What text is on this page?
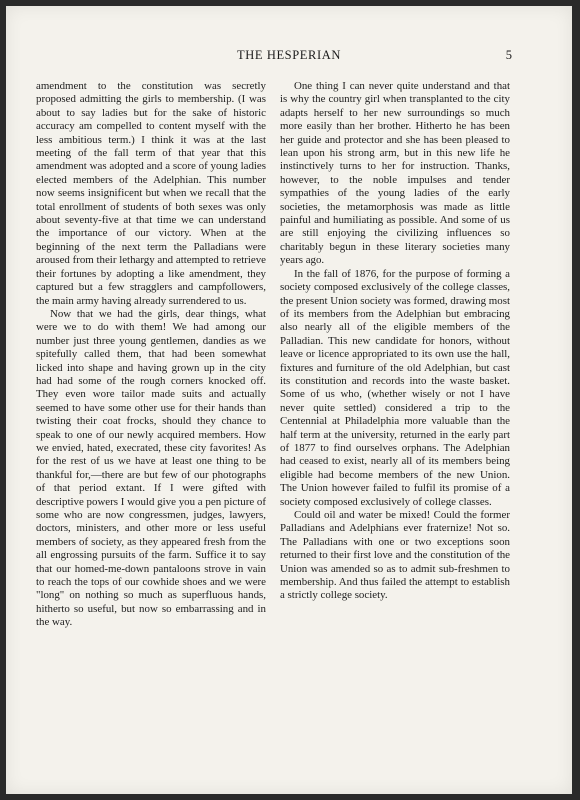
THE HESPERIAN	5

amendment to the constitution was secretly proposed admitting the girls to membership. (I was about to say ladies but for the sake of historic accuracy am compelled to content myself with the less ambitious term.) I think it was at the last meeting of the fall term of that year that this amendment was adopted and a score of young ladies elected members of the Adelphian. This number now seems insignificent but when we recall that the total enrollment of students of both sexes was only about seventy-five at that time we can understand the importance of our victory. When at the beginning of the next term the Palladians were aroused from their lethargy and attempted to retrieve their fortunes by adopting a like amendment, they captured but a few stragglers and campfollowers, the main army having already surrendered to us.

Now that we had the girls, dear things, what were we to do with them! We had among our number just three young gentlemen, dandies as we spitefully called them, that had been somewhat licked into shape and having grown up in the city had had some of the rough corners knocked off. They even wore tailor made suits and actually seemed to have some other use for their hands than twisting their coat frocks, should they chance to speak to one of our newly acquired members. How we envied, hated, execrated, these city favorites! As for the rest of us we have at least one thing to be thankful for,—there are but few of our photographs of that period extant. If I were gifted with descriptive powers I would give you a pen picture of some who are now congressmen, judges, lawyers, doctors, ministers, and other more or less useful members of society, as they appeared fresh from the all engrossing pursuits of the farm. Suffice it to say that our homed-me-down pantaloons strove in vain to reach the tops of our cowhide shoes and we were "long" on nothing so much as superfluous hands, hitherto so useful, but now so embarrassing and in the way.

One thing I can never quite understand and that is why the country girl when transplanted to the city adapts herself to her new surroundings so much more easily than her brother. Hitherto he has been her guide and protector and she has been pleased to lean upon his strong arm, but in this new life he instinctively turns to her for instruction. Thanks, however, to the noble impulses and tender sympathies of the young ladies of the early societies, the metamorphosis was made as little painful and humiliating as possible. And some of us are still enjoying the civilizing influences so charitably begun in these literary societies many years ago.

In the fall of 1876, for the purpose of forming a society composed exclusively of the college classes, the present Union society was formed, drawing most of its members from the Adelphian but embracing also nearly all of the eligible members of the Palladian. This new candidate for honors, without leave or licence appropriated to its own use the hall, fixtures and furniture of the old Adelphian, but cast its constitution and records into the waste basket. Some of us who, (whether wisely or not I have never quite settled) considered a trip to the Centennial at Philadelphia more valuable than the half term at the university, returned in the early part of 1877 to find ourselves orphans. The Adelphian had ceased to exist, nearly all of its members being eligible had become members of the new Union. The Union however failed to fulfil its promise of a society composed exclusively of college classes.

Could oil and water be mixed! Could the former Palladians and Adelphians ever fraternize! Not so. The Palladians with one or two exceptions soon returned to their first love and the constitution of the Union was amended so as to admit sub-freshmen to membership. And thus failed the attempt to establish a strictly college society.
